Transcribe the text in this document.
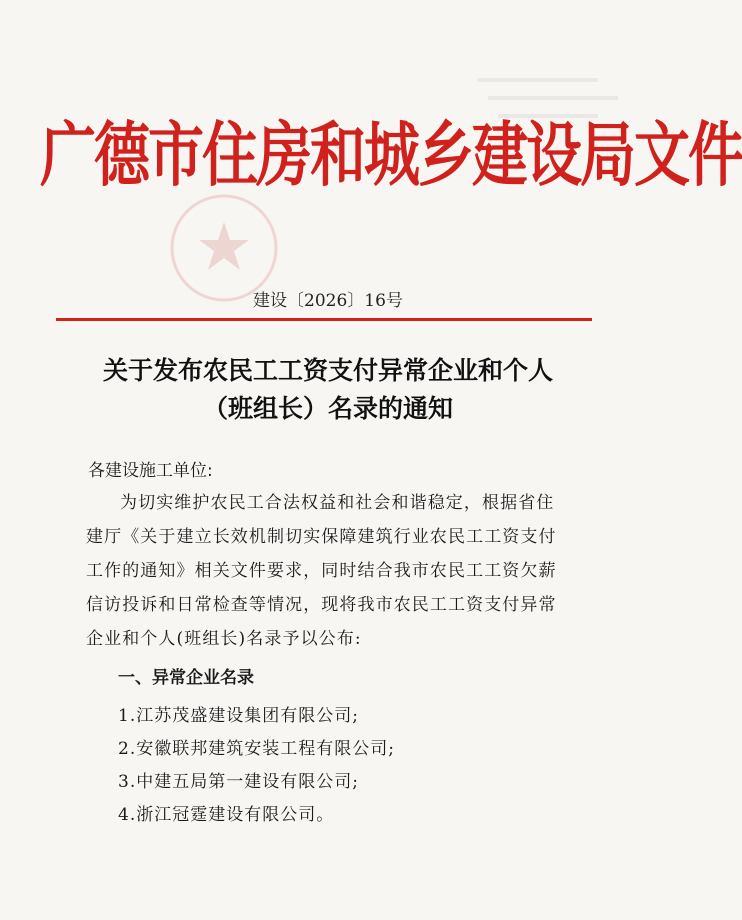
广德市住房和城乡建设局文件
建设〔2026〕16号
关于发布农民工工资支付异常企业和个人
（班组长）名录的通知
各建设施工单位:
为切实维护农民工合法权益和社会和谐稳定，根据省住
建厅《关于建立长效机制切实保障建筑行业农民工工资支付
工作的通知》相关文件要求，同时结合我市农民工工资欠薪
信访投诉和日常检查等情况，现将我市农民工工资支付异常
企业和个人(班组长)名录予以公布:
一、异常企业名录
1.江苏茂盛建设集团有限公司;
2.安徽联邦建筑安装工程有限公司;
3.中建五局第一建设有限公司;
4.浙江冠霆建设有限公司。
